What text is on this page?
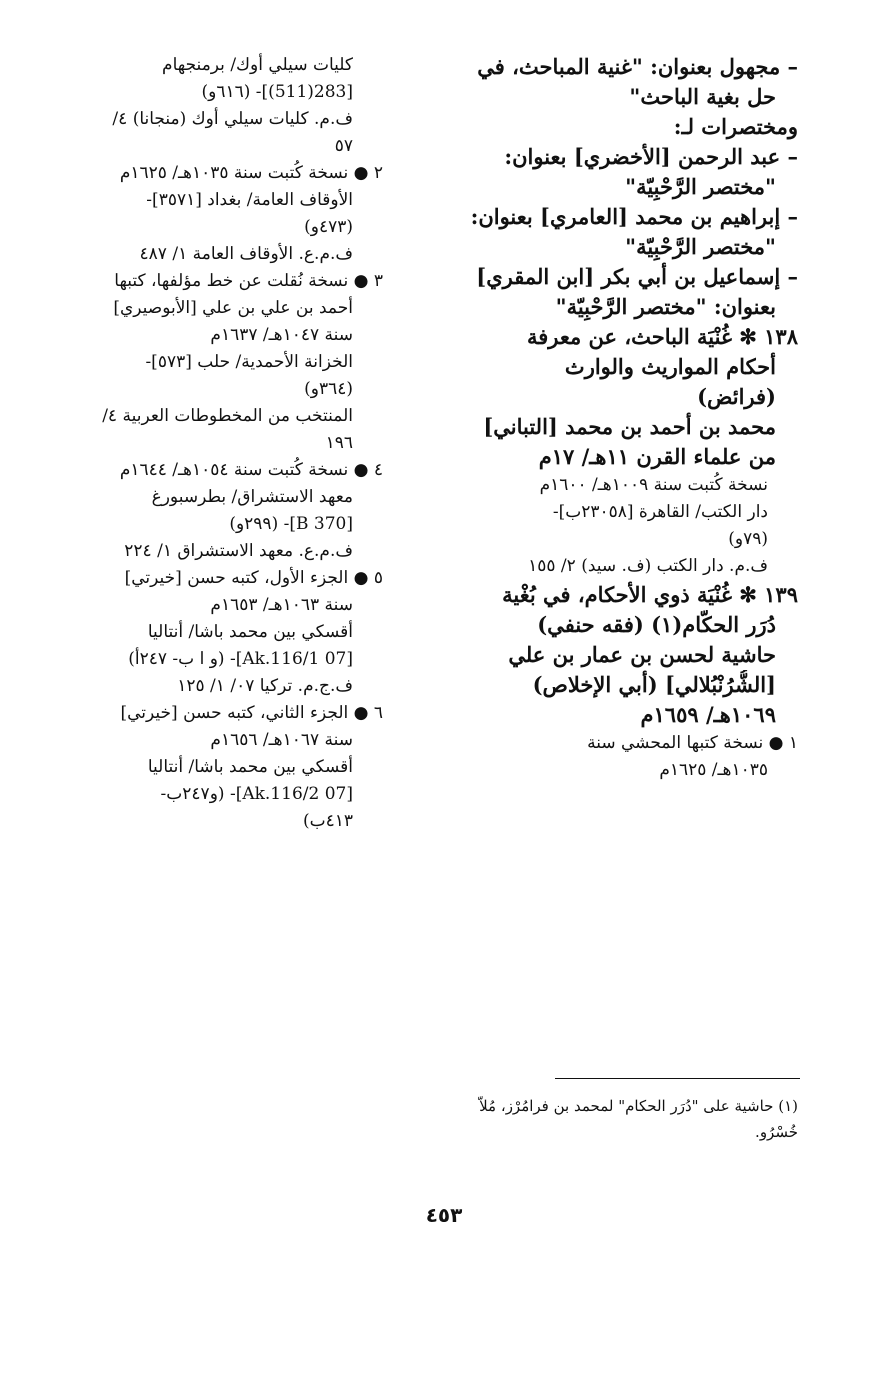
– مجهول بعنوان: "غنية المباحث، في
حل بغية الباحث"
ومختصرات لـ:
– عبد الرحمن [الأخضري] بعنوان:
"مختصر الرَّحْبِيّة"
– إبراهيم بن محمد [العامري] بعنوان:
"مختصر الرَّحْبِيّة"
– إسماعيل بن أبي بكر [ابن المقري]
بعنوان: "مختصر الرَّحْبِيّة"
١٣٨ ✻ غُنْيَة الباحث، عن معرفة
أحكام المواريث والوارث
(فرائض)
محمد بن أحمد بن محمد [التباني]
من علماء القرن ١١هـ/ ١٧م
نسخة كُتبت سنة ١٠٠٩هـ/ ١٦٠٠م
دار الكتب/ القاهرة [٢٣٠٥٨ب]-
(٧٩و)
ف.م. دار الكتب (ف. سيد) ٢/ ١٥٥
١٣٩ ✻ غُنْيَة ذوي الأحكام، في بُغْية
دُرَر الحكّام(١) (فقه حنفي)
حاشية لحسن بن عمار بن علي
[الشُّرُنْبُلالي] (أبي الإخلاص)
١٠٦٩هـ/ ١٦٥٩م
١ ● نسخة كتبها المحشي سنة
١٠٣٥هـ/ ١٦٢٥م
كليات سيلي أوك/ برمنجهام
[283(511)]- (٦١٦و)
ف.م. كليات سيلي أوك (منجانا) ٤/
٥٧
٢ ● نسخة كُتبت سنة ١٠٣٥هـ/ ١٦٢٥م
الأوقاف العامة/ بغداد [٣٥٧١]-
(٤٧٣و)
ف.م.ع. الأوقاف العامة ١/ ٤٨٧
٣ ● نسخة نُقلت عن خط مؤلفها، كتبها
أحمد بن علي بن علي [الأبوصيري]
سنة ١٠٤٧هـ/ ١٦٣٧م
الخزانة الأحمدية/ حلب [٥٧٣]-
(٣٦٤و)
المنتخب من المخطوطات العربية ٤/
١٩٦
٤ ● نسخة كُتبت سنة ١٠٥٤هـ/ ١٦٤٤م
معهد الاستشراق/ بطرسبورغ
[B 370]- (٢٩٩و)
ف.م.ع. معهد الاستشراق ١/ ٢٢٤
٥ ● الجزء الأول، كتبه حسن [خيرتي]
سنة ١٠٦٣هـ/ ١٦٥٣م
أقسكي بين محمد باشا/ أنتاليا
[07 Ak.116/1]- (و ا ب- ٢٤٧أ)
ف.ج.م. تركيا ٠٧/ ١/ ١٢٥
٦ ● الجزء الثاني، كتبه حسن [خيرتي]
سنة ١٠٦٧هـ/ ١٦٥٦م
أقسكي بين محمد باشا/ أنتاليا
[07 Ak.116/2]- (و٢٤٧ب-
٤١٣ب)
(١) حاشية على "دُرَر الحكام" لمحمد بن فرامُرْز، مُلاّ خُسْرُو.
٤٥٣
